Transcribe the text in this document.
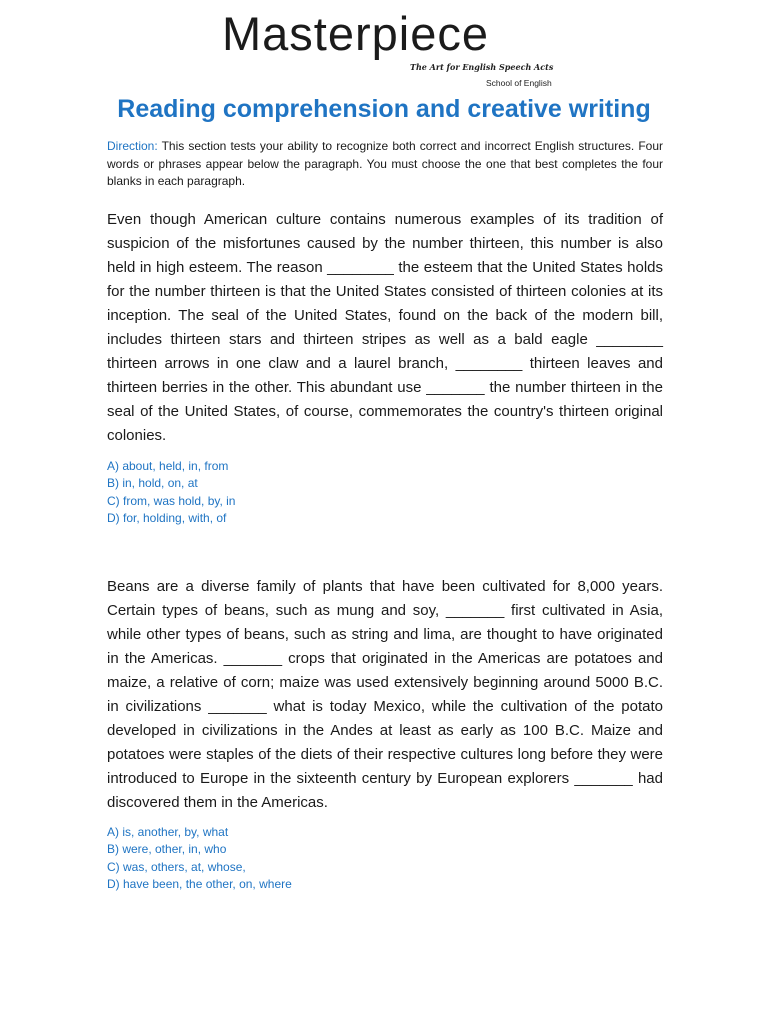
Masterpiece
The Art for English Speech Acts
School of English
Reading comprehension and creative writing

Direction: This section tests your ability to recognize both correct and incorrect English structures. Four words or phrases appear below the paragraph. You must choose the one that best completes the four blanks in each paragraph.

Even though American culture contains numerous examples of its tradition of suspicion of the misfortunes caused by the number thirteen, this number is also held in high esteem. The reason ________ the esteem that the United States holds for the number thirteen is that the United States consisted of thirteen colonies at its inception. The seal of the United States, found on the back of the modern bill, includes thirteen stars and thirteen stripes as well as a bald eagle ________ thirteen arrows in one claw and a laurel branch, ________ thirteen leaves and thirteen berries in the other. This abundant use _______ the number thirteen in the seal of the United States, of course, commemorates the country's thirteen original colonies.

A) about, held, in, from
B) in, hold, on, at
C) from, was hold, by, in
D) for, holding, with, of

Beans are a diverse family of plants that have been cultivated for 8,000 years. Certain types of beans, such as mung and soy, _______ first cultivated in Asia, while other types of beans, such as string and lima, are thought to have originated in the Americas. _______ crops that originated in the Americas are potatoes and maize, a relative of corn; maize was used extensively beginning around 5000 B.C. in civilizations _______ what is today Mexico, while the cultivation of the potato developed in civilizations in the Andes at least as early as 100 B.C. Maize and potatoes were staples of the diets of their respective cultures long before they were introduced to Europe in the sixteenth century by European explorers _______ had discovered them in the Americas.

A) is, another, by, what
B) were, other, in, who
C) was, others, at, whose,
D) have been, the other, on, where
